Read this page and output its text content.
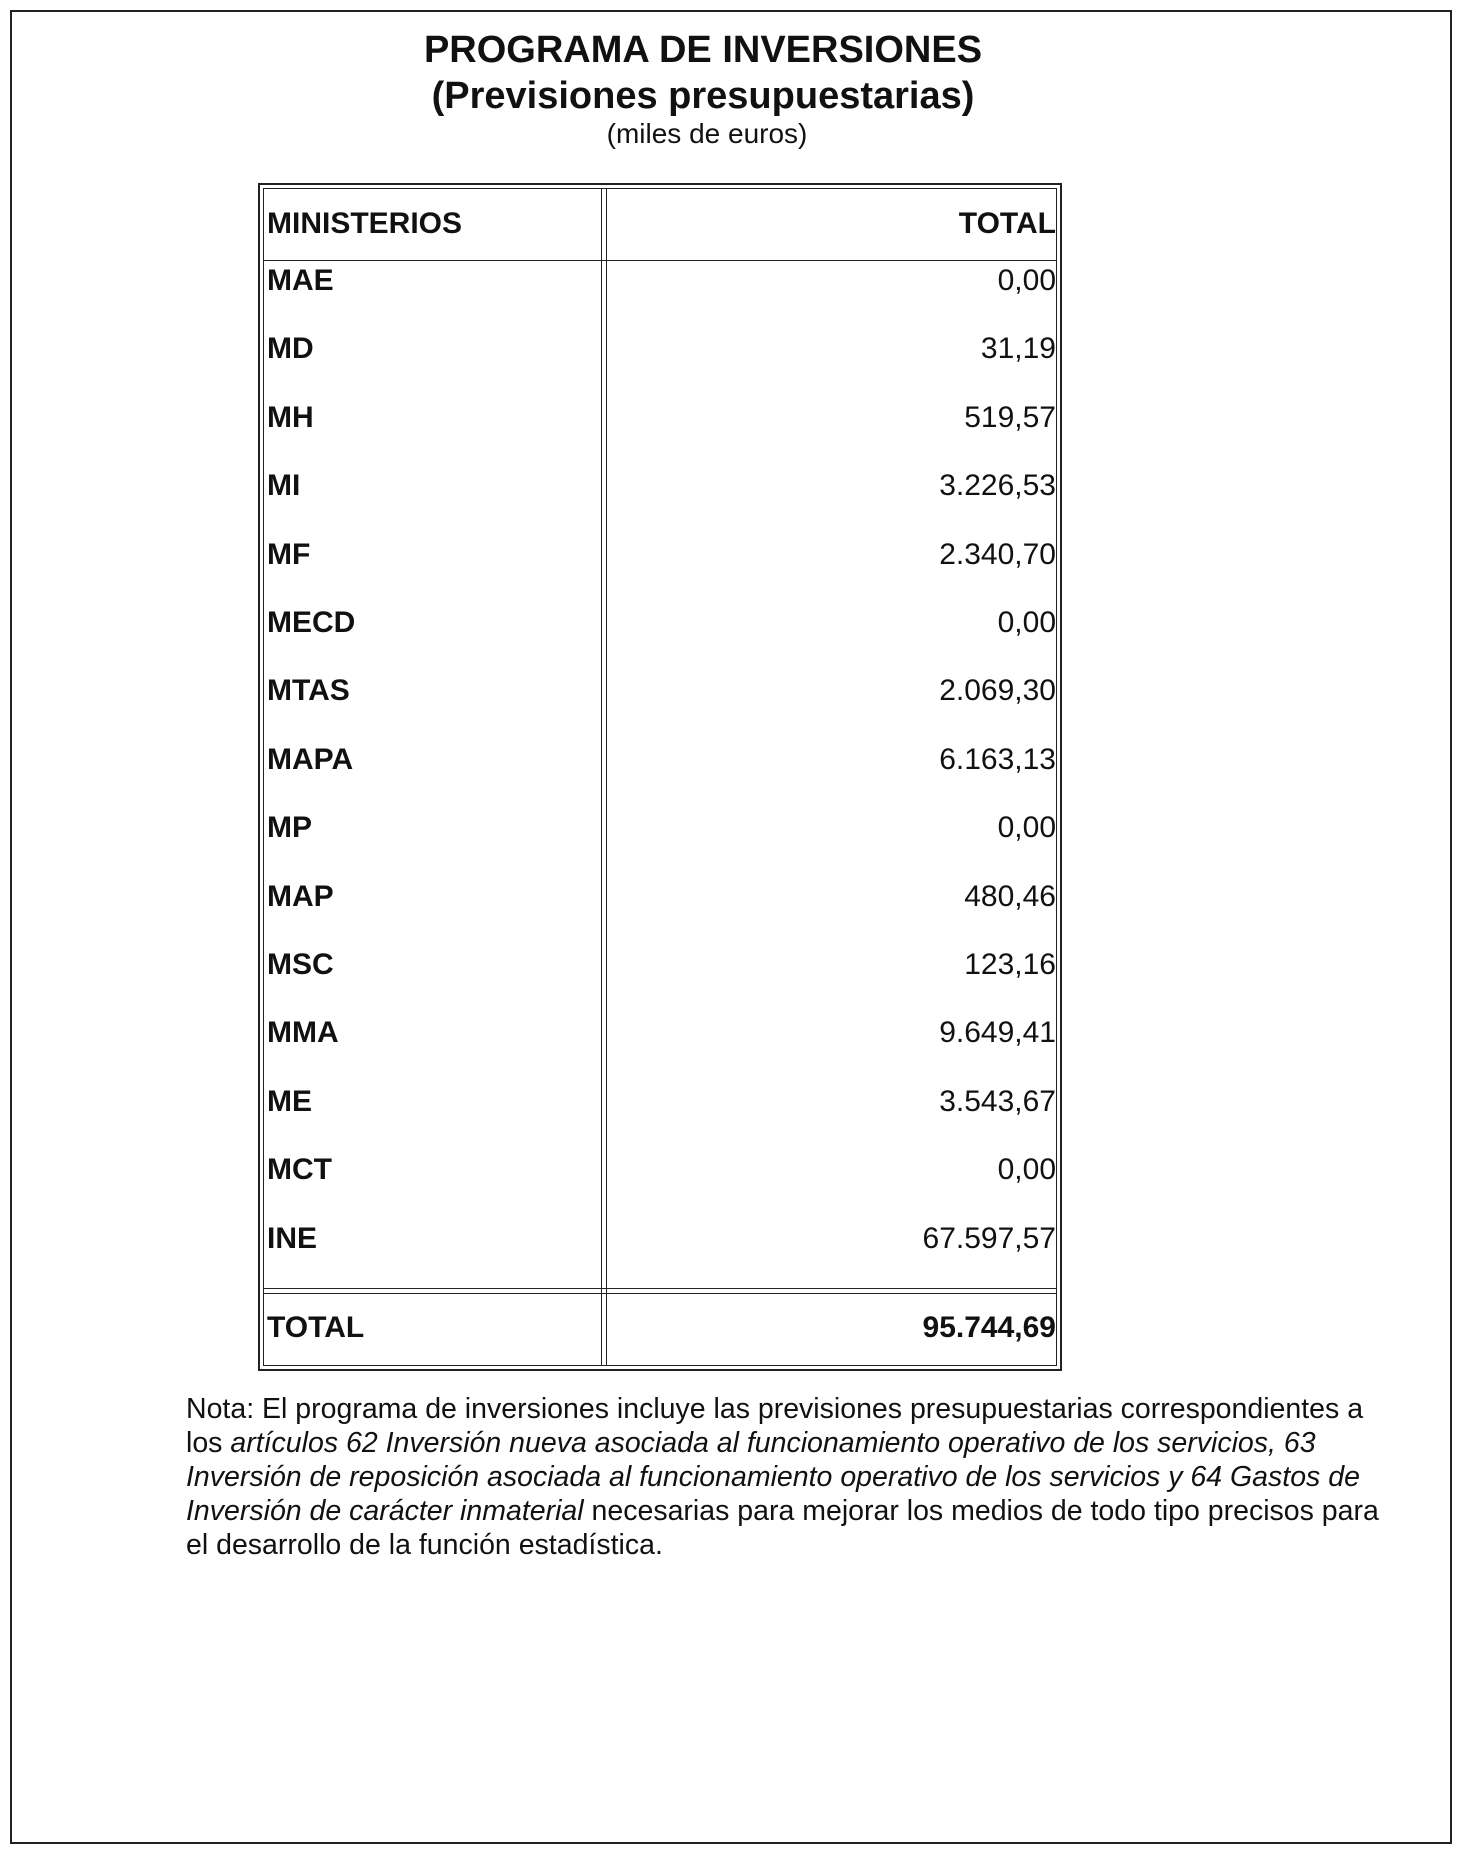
PROGRAMA DE INVERSIONES
(Previsiones presupuestarias)
(miles de euros)
MINISTERIOS	TOTAL
MAE	0,00
MD	31,19
MH	519,57
MI	3.226,53
MF	2.340,70
MECD	0,00
MTAS	2.069,30
MAPA	6.163,13
MP	0,00
MAP	480,46
MSC	123,16
MMA	9.649,41
ME	3.543,67
MCT	0,00
INE	67.597,57
TOTAL	95.744,69
Nota: El programa de inversiones incluye las previsiones presupuestarias correspondientes a los artículos 62 Inversión nueva asociada al funcionamiento operativo de los servicios, 63 Inversión de reposición asociada al funcionamiento operativo de los servicios y 64 Gastos de Inversión de carácter inmaterial necesarias para mejorar los medios de todo tipo precisos para el desarrollo de la función estadística.
